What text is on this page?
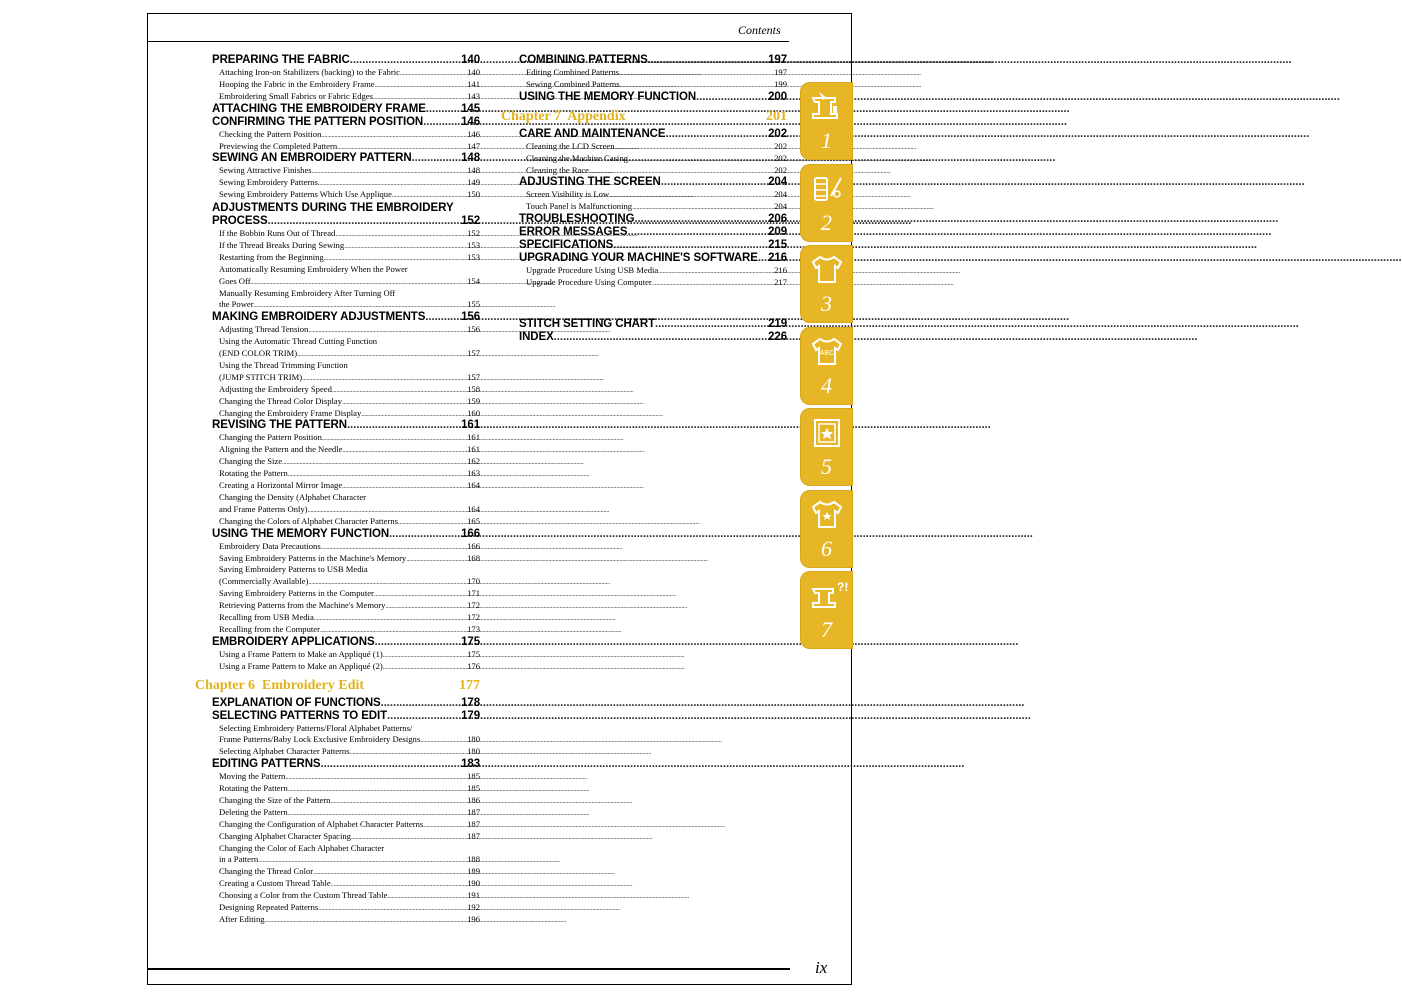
Contents
PREPARING THE FABRIC .....	140
Attaching Iron-on Stabilizers (backing) to the Fabric .....	140
Hooping the Fabric in the Embroidery Frame .....	141
Embroidering Small Fabrics or Fabric Edges .....	143
ATTACHING THE EMBROIDERY FRAME .....	145
CONFIRMING THE PATTERN POSITION .....	146
Checking the Pattern Position .....	146
Previewing the Completed Pattern .....	147
SEWING AN EMBROIDERY PATTERN .....	148
Sewing Attractive Finishes .....	148
Sewing Embroidery Patterns .....	149
Sewing Embroidery Patterns Which Use Applique .....	150
ADJUSTMENTS DURING THE EMBROIDERY
PROCESS .....	152
If the Bobbin Runs Out of Thread .....	152
If the Thread Breaks During Sewing .....	153
Restarting from the Beginning .....	153
Automatically Resuming Embroidery When the Power
Goes Off .....	154
Manually Resuming Embroidery After Turning Off
the Power .....	155
MAKING EMBROIDERY ADJUSTMENTS .....	156
Adjusting Thread Tension .....	156
Using the Automatic Thread Cutting Function
(END COLOR TRIM) .....	157
Using the Thread Trimming Function
(JUMP STITCH TRIM) .....	157
Adjusting the Embroidery Speed .....	158
Changing the Thread Color Display .....	159
Changing the Embroidery Frame Display .....	160
REVISING THE PATTERN .....	161
Changing the Pattern Position .....	161
Aligning the Pattern and the Needle .....	161
Changing the Size .....	162
Rotating the Pattern .....	163
Creating a Horizontal Mirror Image .....	164
Changing the Density (Alphabet Character
and Frame Patterns Only) .....	164
Changing the Colors of Alphabet Character Patterns .....	165
USING THE MEMORY FUNCTION .....	166
Embroidery Data Precautions .....	166
Saving Embroidery Patterns in the Machine's Memory .....	168
Saving Embroidery Patterns to USB Media
(Commercially Available) .....	170
Saving Embroidery Patterns in the Computer .....	171
Retrieving Patterns from the Machine's Memory .....	172
Recalling from USB Media .....	172
Recalling from the Computer .....	173
EMBROIDERY APPLICATIONS .....	175
Using a Frame Pattern to Make an Appliqué (1) .....	175
Using a Frame Pattern to Make an Appliqué (2) .....	176
Chapter 6  Embroidery Edit	177
EXPLANATION OF FUNCTIONS .....	178
SELECTING PATTERNS TO EDIT .....	179
Selecting Embroidery Patterns/Floral Alphabet Patterns/
Frame Patterns/Baby Lock Exclusive Embroidery Designs .....	180
Selecting Alphabet Character Patterns .....	180
EDITING PATTERNS .....	183
Moving the Pattern .....	185
Rotating the Pattern .....	185
Changing the Size of the Pattern .....	186
Deleting the Pattern .....	187
Changing the Configuration of Alphabet Character Patterns .....	187
Changing Alphabet Character Spacing .....	187
Changing the Color of Each Alphabet Character
in a Pattern .....	188
Changing the Thread Color .....	189
Creating a Custom Thread Table .....	190
Choosing a Color from the Custom Thread Table .....	191
Designing Repeated Patterns .....	192
After Editing .....	196
COMBINING PATTERNS .....	197
Editing Combined Patterns .....	197
Sewing Combined Patterns .....	199
USING THE MEMORY FUNCTION .....	200
Chapter 7  Appendix	201
CARE AND MAINTENANCE .....	202
Cleaning the LCD Screen .....	202
Cleaning the Machine Casing .....	202
Cleaning the Race .....	202
ADJUSTING THE SCREEN .....	204
Screen Visibility is Low .....	204
Touch Panel is Malfunctioning .....	204
TROUBLESHOOTING .....	206
ERROR MESSAGES .....	209
SPECIFICATIONS .....	215
UPGRADING YOUR MACHINE'S SOFTWARE ..... 216
Upgrade Procedure Using USB Media .....	216
Upgrade Procedure Using Computer .....	217
STITCH SETTING CHART .....	219
INDEX .....	226
1
2
3
ABC
4
5
6
?!
7
ix
